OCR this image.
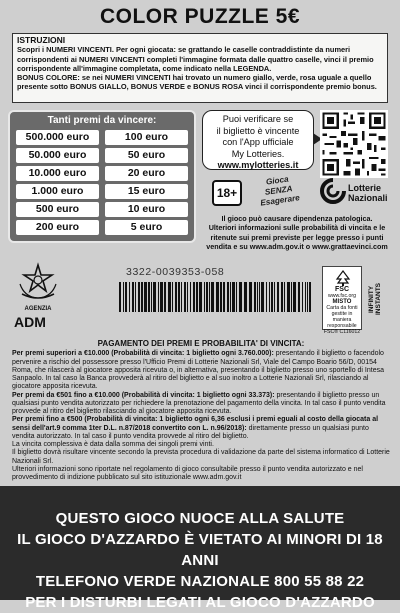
COLOR PUZZLE 5€
ISTRUZIONI
Scopri i NUMERI VINCENTI. Per ogni giocata: se grattando le caselle contraddistinte da numeri corrispondenti ai NUMERI VINCENTI completi l'immagine formata dalle quattro caselle, vinci il premio corrispondente all'immagine completata, come indicato nella LEGENDA.
BONUS COLORE: se nei NUMERI VINCENTI hai trovato un numero giallo, verde, rosa uguale a quello presente sotto BONUS GIALLO, BONUS VERDE e BONUS ROSA vinci il corrispondente premio bonus.
Tanti premi da vincere:
500.000 euro	100 euro
50.000 euro	50 euro
10.000 euro	20 euro
1.000 euro	15 euro
500 euro	10 euro
200 euro	5 euro
Puoi verificare se
il biglietto è vincente
con l'App ufficiale
My Lotteries.
www.mylotteries.it
18+
Gioca
SENZA
Esagerare
Lotterie
Nazionali
Il gioco può causare dipendenza patologica.
Ulteriori informazioni sulle probabilità di vincita e le
ritenute sui premi previste per legge presso i punti
vendita e su www.adm.gov.it o www.grattaevinci.com
AGENZIA
ADM
3322-0039353-058
FSC
www.fsc.org
MISTO
Carta da fonti gestite in maniera responsabile
FSC® C116012
INFINITY INSTANTS
PAGAMENTO DEI PREMI E PROBABILITA' DI VINCITA:
Per premi superiori a €10.000 (Probabilità di vincita: 1 biglietto ogni 3.760.000): presentando il biglietto o facendolo pervenire a rischio del possessore presso l'Ufficio Premi di Lotterie Nazionali Srl, Viale del Campo Boario 56/D, 00154 Roma, che rilascerà al giocatore apposita ricevuta o, in alternativa, presentando il biglietto presso uno sportello di Intesa Sanpaolo. In tal caso la Banca provvederà al ritiro del biglietto e al suo inoltro a Lotterie Nazionali Srl, rilasciando al giocatore apposita ricevuta.
Per premi da €501 fino a €10.000 (Probabilità di vincita: 1 biglietto ogni 33.373): presentando il biglietto presso un qualsiasi punto vendita autorizzato per richiedere la prenotazione del pagamento della vincita. In tal caso il punto vendita provvede al ritiro del biglietto rilasciando al giocatore apposita ricevuta.
Per premi fino a €500 (Probabilità di vincita: 1 biglietto ogni 6,36 esclusi i premi eguali al costo della giocata al sensi dell'art.9 comma 1ter D.L. n.87/2018 convertito con L. n.96/2018): direttamente presso un qualsiasi punto vendita autorizzato. In tal caso il punto vendita provvede al ritiro del biglietto.
La vincita complessiva è data dalla somma dei singoli premi vinti.
Il biglietto dovrà risultare vincente secondo la prevista procedura di validazione da parte del sistema informatico di Lotterie Nazionali Srl.
Ulteriori informazioni sono riportate nel regolamento di gioco consultabile presso il punto vendita autorizzato e nel provvedimento di indizione pubblicato sul sito istituzionale www.adm.gov.it
QUESTO GIOCO NUOCE ALLA SALUTE
IL GIOCO D'AZZARDO È VIETATO AI MINORI DI 18 ANNI
TELEFONO VERDE NAZIONALE 800 55 88 22
PER I DISTURBI LEGATI AL GIOCO D'AZZARDO
